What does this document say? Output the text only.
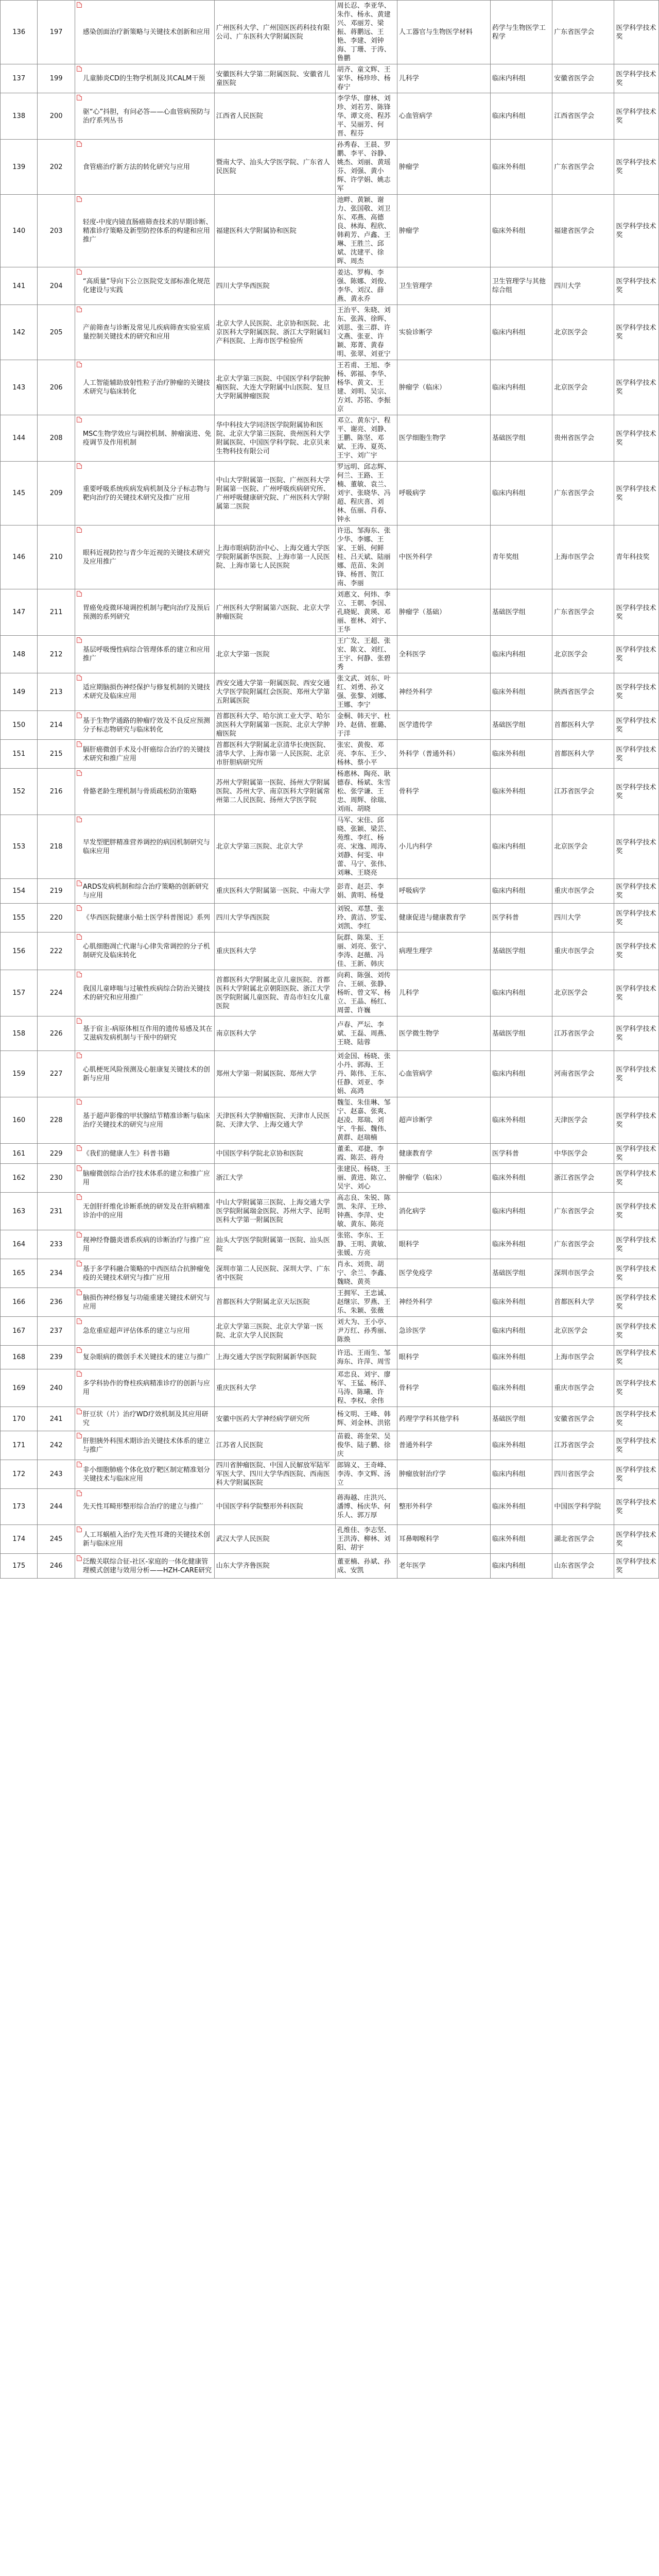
136	197	感染创面治疗新策略与关键技术创新和应用	广州医科大学、广州国医医药科技有限公司、广东医科大学附属医院	周长忍、李亚华、朱作、杨永、黄建兴、邓丽芳、梁振、蒋鹏远、王艳、李建、刘钟海、丁珊、于涛、鲁鹏	人工器官与生物医学材料	药学与生物医学工程学	广东省医学会	医学科学技术奖
137	199	儿童肺炎CD的生物学机制及其CALM干预	安徽医科大学第二附属医院、安徽省儿童医院	胡齐、童文辉、王家华、杨珍珍、杨春宁	儿科学	临床内科组	安徽省医学会	医学科学技术奖
138	200	驱“心”抖胆，有问必答——心血管病预防与治疗系列丛书	江西省人民医院	李学华、廖林、刘珍、刘若芳、陈锋华、谭文亮、程苏平、吴丽芳、何晋、程芬	心血管病学	临床内科组	江西省医学会	医学科学技术奖
139	202	食管癌治疗新方法的转化研究与应用	暨南大学、汕头大学医学院、广东省人民医院	孙秀春、王晨、罗鹏、李平、谷静、姚杰、刘丽、黄瑶芬、刘强、黄小辉、许学娟、姚志军	肿瘤学	临床外科组	广东省医学会	医学科学技术奖
140	203	轻度-中度内镜直肠癌筛查技术的早期诊断、精准诊疗策略及新型防控体系的构建和应用推广	福建医科大学附属协和医院	池畔、黄颖、谢力、张国敬、刘卫东、邓燕、高德良、林海、程欣、韩莉芳、卢鑫、王琳、王胜兰、邱斌、沈建平、徐晖、周杰	肿瘤学	临床外科组	福建省医学会	医学科学技术奖
141	204	“高质量”导向下公立医院党支部标准化规范化建设与实践	四川大学华西医院	姜达、罗梅、李强、陈娜、刘俊、李华、刘汉、薛燕、黄永乔	卫生管理学	卫生管理学与其他综合组	四川大学	医学科学技术奖
142	205	产前筛查与诊断及常见儿疾病筛查实验室质量控制关键技术的研究和应用	北京大学人民医院、北京协和医院、北京医科大学附属医院、浙江大学附属妇产科医院、上海市医学检验所	王治平、朱晓、刘东、张茜、徐晖、刘思、张三群、许文燕、张亚、许颖、郑菁、黄春明、张翠、刘亚宁	实验诊断学	临床内科组	北京医学会	医学科学技术奖
143	206	人工智能辅助放射性粒子治疗肿瘤的关键技术研究与临床转化	北京大学第三医院、中国医学科学院肿瘤医院、大连大学附属中山医院、复旦大学附属肿瘤医院	王若甫、王旭、李杨、郭福、李华、杨华、黄文、王建、刘明、吴宗、方刘、苏铭、李振京	肿瘤学（临床）	临床内科组	北京医学会	医学科学技术奖
144	208	MSC生物学效应与调控机制、肿瘤演进、免疫调节及作用机制	华中科技大学同济医学院附属协和医院、北京大学第三医院、贵州医科大学附属医院、中国医学科学院、北京贝来生物科技有限公司	邓立、黄东宁、程平、谢亮、刘静、王鹏、陈坚、邓斌、王涛、夏英、王宇、刘广宇	医学细胞生物学	基础医学组	贵州省医学会	医学科学技术奖
145	209	重要呼吸系统疾病发病机制及分子标志物与靶向治疗的关键技术研究及推广应用	中山大学附属第一医院、广州医科大学附属第一医院、广州呼吸疾病研究所、广州呼吸健康研究院、广州医科大学附属第二医院	罗远明、邱志辉、何兰、王路、王楠、董敏、袁兰、刘宇、张晓华、冯超、程庆喜、刘林、伍丽、肖春、钟永	呼吸病学	临床内科组	广东省医学会	医学科学技术奖
146	210	眼科近视防控与青少年近视的关键技术研究及应用推广	上海市眼病防治中心、上海交通大学医学院附属新华医院、上海市第一人民医院、上海市第七人民医院	许迅、邹海东、张少华、李娜、王家、王娟、何鲜桂、吕天斌、陆丽娜、范苗、朱剑锋、杨晋、贺江南、李丽	中医外科学	青年奖组	上海市医学会	青年科技奖
147	211	胃癌免疫微环境调控机制与靶向治疗及预后预测的系列研究	广州医科大学附属第六医院、北京大学肿瘤医院	刘惠文、何炜、李立、王朝、李国、孔晓妮、黄瑛、邓丽、崔林、刘宇、王华	肿瘤学（基础）	基础医学组	广东省医学会	医学科学技术奖
148	212	基层呼吸慢性病综合管理体系的建立和应用推广	北京大学第一医院	王广发、王超、张宏、陈文、刘红、王宇、何静、张碧秀	全科医学	临床内科组	北京医学会	医学科学技术奖
149	213	适应期脑损伤神经保护与修复机制的关键技术研究及临床应用	西安交通大学第一附属医院、西安交通大学医学院附属红会医院、郑州大学第五附属医院	张文武、刘东、叶红、刘勇、孙文强、张黎、刘娜、王娜、李宁	神经外科学	临床外科组	陕西省医学会	医学科学技术奖
150	214	基于生物学通路的肿瘤疗效及不良反应预测分子标志物研究与临床转化	首都医科大学、哈尔滨工业大学、哈尔滨医科大学附属第一医院、北京大学肿瘤医院	金桐、韩天宇、杜玲、赵倩、崔璐、于洋	医学遗传学	基础医学组	首都医科大学	医学科学技术奖
151	215	膈肝癌微创手术及小肝癌综合治疗的关键技术研究和推广应用	首都医科大学附属北京清华长庚医院、清华大学、上海市第一人民医院、北京市肝胆病研究所	张宏、黄俊、邓亮、李东、王少、杨林、蔡小平	外科学（普通外科）	临床外科组	首都医科大学	医学科学技术奖
152	216	骨骼老龄生理机制与骨质疏松防治策略	苏州大学附属第一医院、扬州大学附属医院、苏州大学、南京医科大学附属常州第二人民医院、扬州大学医学院	杨惠林、陶亮、耿德春、杨斌、朱雪松、张学谦、王忠、周辉、徐瑞、刘雨、胡晓	骨科学	临床外科组	江苏省医学会	医学科学技术奖
153	218	早发型肥胖精准营养调控的病因机制研究与临床应用	北京大学第三医院、北京大学	马军、宋佳、邱晓、张颖、梁芸、苑维、李红、杨亮、宋逸、周涛、刘静、何雯、申蕾、马宁、张伟、刘琳、王晓亮	小儿内科学	临床内科组	北京医学会	医学科学技术奖
154	219	ARDS发病机制和综合治疗策略的创新研究与应用	重庆医科大学附属第一医院、中南大学	彭青、赵芸、李娟、黄明、杨曼	呼吸病学	临床内科组	重庆市医学会	医学科学技术奖
155	220	《华西医院健康小贴士医学科普图说》系列	四川大学华西医院	刘锐、邓慧、张玲、黄洁、罗雯、刘凯、李红	健康促进与健康教育学	医学科普	四川大学	医学科学技术奖
156	222	心肌细胞凋亡代谢与心律失常调控的分子机制研究及临床转化	重庆医科大学	阮群、陈果、王丽、刘亮、张宁、李涛、赵薇、冯佳、王新、韩庆	病理生理学	基础医学组	重庆市医学会	医学科学技术奖
157	224	我国儿童哮喘与过敏性疾病综合防治关键技术的研究和应用推广	首都医科大学附属北京儿童医院、首都医科大学附属北京朝阳医院、浙江大学医学院附属儿童医院、青岛市妇女儿童医院	向莉、陈强、刘传合、王硕、张静、杨昕、曾文军、杨立、王晶、杨红、周蕾、许巍	儿科学	临床内科组	北京医学会	医学科学技术奖
158	226	基于宿主-病原体相互作用的遗传易感及其在艾滋病发病机制与干预中的研究	南京医科大学	卢春、严坛、李斌、王磊、周燕、王晓、陆蓉	医学微生物学	基础医学组	江苏省医学会	医学科学技术奖
159	227	心肌梗死风险预测及心脏康复关键技术的创新与应用	郑州大学第一附属医院、郑州大学	刘金国、杨晓、张小丹、郭海、王丹、陈伟、王东、任静、刘亚、李娟、高鸿	心血管病学	临床内科组	河南省医学会	医学科学技术奖
160	228	基于超声影像的甲状腺结节精准诊断与临床治疗关键技术的研究与应用	天津医科大学肿瘤医院、天津市人民医院、天津大学、上海交通大学	魏玺、朱佳琳、邹宁、赵嘉、张爽、赵凌、郑瑞、刘宇、牛振、魏伟、黄群、赵瑞楠	超声诊断学	临床外科组	天津医学会	医学科学技术奖
161	229	《我们的健康人生》科普书籍	中国医学科学院北京协和医院	董柔、邓捷、李霞、陈芸、蒋舟	健康教育学	医学科普	中华医学会	医学科学技术奖
162	230	脑瘤微创综合治疗技术体系的建立和推广应用	浙江大学	张建民、杨晓、王丽、黄进、陈立、吴宇、刘心	肿瘤学（临床）	临床外科组	浙江省医学会	医学科学技术奖
163	231	无创肝纤维化诊断系统的研发及在肝病精准诊治中的应用	中山大学附属第三医院、上海交通大学医学院附属瑞金医院、苏州大学、昆明医科大学第一附属医院	高志良、朱锐、陈凯、朱萍、王珍、钟燕、李萍、史敏、黄东、陈亮	消化病学	临床内科组	广东省医学会	医学科学技术奖
164	233	视神经脊髓炎谱系疾病的诊断治疗与推广应用	汕头大学医学院附属第一医院、汕头医院	张铭、李东、王静、王明、黄敏、张媛、方亮	眼科学	临床外科组	广东省医学会	医学科学技术奖
165	234	基于多学科融合策略的中西医结合抗肿瘤免疫的关键技术研究与推广应用	深圳市第二人民医院、深圳大学、广东省中医院	肖永、刘贵、胡宁、余兰、李鑫、魏晓、黄英	医学免疫学	基础医学组	深圳市医学会	医学科学技术奖
166	236	脑损伤神经修复与功能重建关键技术研究与应用	首都医科大学附属北京天坛医院	王拥军、王忠诚、赵继宗、罗燕、王乐、朱颖、张薇	神经外科学	临床外科组	首都医科大学	医学科学技术奖
167	237	急危重症超声评估体系的建立与应用	北京大学第三医院、北京大学第一医院、北京大学人民医院	刘大为、王小亭、尹万红、孙秀丽、陈焕	急诊医学	临床内科组	北京医学会	医学科学技术奖
168	239	复杂眼病的微创手术关键技术的建立与推广	上海交通大学医学院附属新华医院	许迅、王雨生、邹海东、许萍、周雪	眼科学	临床外科组	上海市医学会	医学科学技术奖
169	240	多学科协作的脊柱疾病精准诊疗的创新与应用	重庆医科大学	邓忠良、刘宇、廖军、王猛、杨洋、马涛、陈曦、许程、李权、余伟	骨科学	临床外科组	重庆市医学会	医学科学技术奖
170	241	肝豆状（片）治疗WD疗效机制及其应用研究	安徽中医药大学神经病学研究所	杨文明、王峰、韩辉、刘金林、洪铭	药理学学科其他学科	基础医学组	安徽省医学会	医学科学技术奖
171	242	肝胆胰外科围术期诊治关键技术体系的建立与推广	江苏省人民医院	苗毅、蒋奎荣、吴俊华、陆子鹏、徐庆	普通外科学	临床外科组	江苏省医学会	医学科学技术奖
172	243	非小细胞肺癌个体化放疗靶区制定精准划分关键技术与临床应用	四川省肿瘤医院、中国人民解放军陆军军医大学、四川大学华西医院、西南医科大学附属医院	郎锦义、王奇峰、李涛、李文辉、汤立	肿瘤放射治疗学	临床内科组	四川省医学会	医学科学技术奖
173	244	先天性耳畸形整形综合治疗的建立与推广	中国医学科学院整形外科医院	蒋海越、庄洪兴、潘博、杨庆华、何乐人、郭万厚	整形外科学	临床外科组	中国医学科学院	医学科学技术奖
174	245	人工耳蜗植入治疗先天性耳聋的关键技术创新与临床应用	武汉大学人民医院	孔维佳、李志坚、王洪涛、柳林、刘阳、胡宇	耳鼻咽喉科学	临床外科组	湖北省医学会	医学科学技术奖
175	246	泛酸关联综合征-社区-家庭的一体化健康管理模式创建与效用分析——HZH-CARE研究	山东大学齐鲁医院	董亚楠、孙斌、孙成、安凯	老年医学	临床内科组	山东省医学会	医学科学技术奖
